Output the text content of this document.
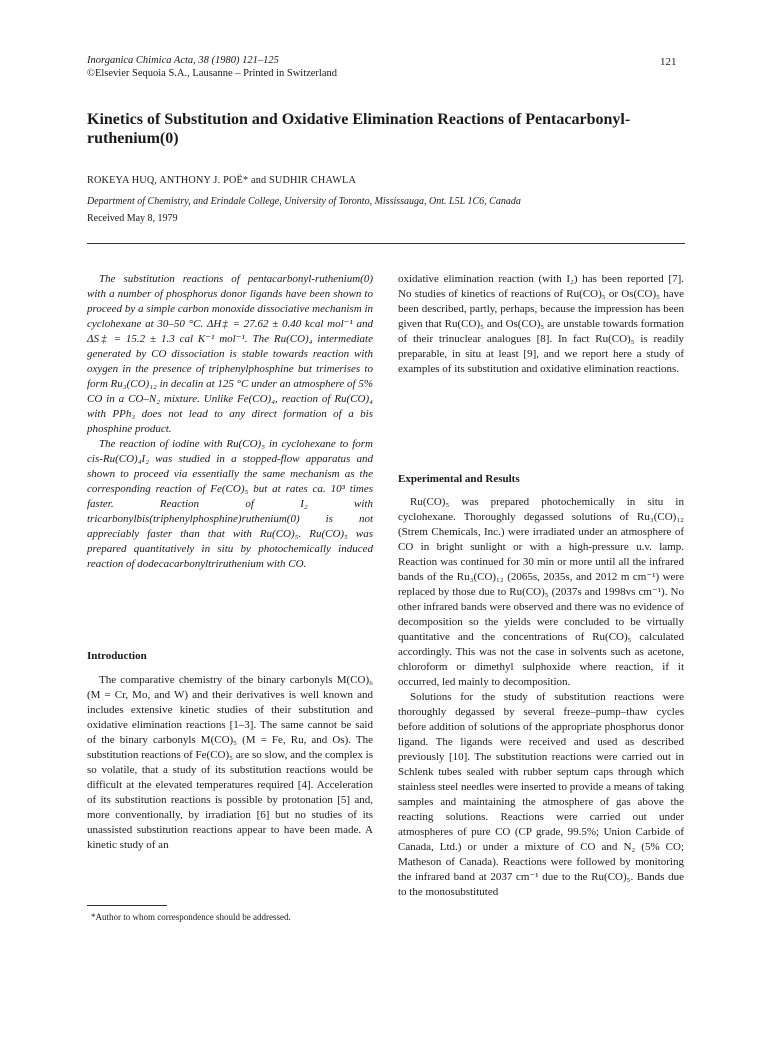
Inorganica Chimica Acta, 38 (1980) 121–125
©Elsevier Sequoia S.A., Lausanne – Printed in Switzerland
121
Kinetics of Substitution and Oxidative Elimination Reactions of Pentacarbonyl-ruthenium(0)
ROKEYA HUQ, ANTHONY J. POË* and SUDHIR CHAWLA
Department of Chemistry, and Erindale College, University of Toronto, Mississauga, Ont. L5L 1C6, Canada
Received May 8, 1979

The substitution reactions of pentacarbonyl-ruthenium(0) with a number of phosphorus donor ligands have been shown to proceed by a simple carbon monoxide dissociative mechanism in cyclohexane at 30–50 °C. ΔH‡ = 27.62 ± 0.40 kcal mol⁻¹ and ΔS‡ = 15.2 ± 1.3 cal K⁻¹ mol⁻¹. The Ru(CO)₄ intermediate generated by CO dissociation is stable towards reaction with oxygen in the presence of triphenylphosphine but trimerises to form Ru₃(CO)₁₂ in decalin at 125 °C under an atmosphere of 5% CO in a CO–N₂ mixture. Unlike Fe(CO)₄, reaction of Ru(CO)₄ with PPh₃ does not lead to any direct formation of a bis phosphine product.

The reaction of iodine with Ru(CO)₅ in cyclohexane to form cis-Ru(CO)₄I₂ was studied in a stopped-flow apparatus and shown to proceed via essentially the same mechanism as the corresponding reaction of Fe(CO)₅ but at rates ca. 10³ times faster. Reaction of I₂ with tricarbonylbis(triphenylphosphine)ruthenium(0) is not appreciably faster than that with Ru(CO)₅. Ru(CO)₅ was prepared quantitatively in situ by photochemically induced reaction of dodecacarbonyltriruthenium with CO.

Introduction

The comparative chemistry of the binary carbonyls M(CO)₆ (M = Cr, Mo, and W) and their derivatives is well known and includes extensive kinetic studies of their substitution and oxidative elimination reactions [1–3]. The same cannot be said of the binary carbonyls M(CO)₅ (M = Fe, Ru, and Os). The substitution reactions of Fe(CO)₅ are so slow, and the complex is so volatile, that a study of its substitution reactions would be difficult at the elevated temperatures required [4]. Acceleration of its substitution reactions is possible by protonation [5] and, more conventionally, by irradiation [6] but no studies of its unassisted substitution reactions appear to have been made. A kinetic study of an

oxidative elimination reaction (with I₂) has been reported [7]. No studies of kinetics of reactions of Ru(CO)₅ or Os(CO)₅ have been described, partly, perhaps, because the impression has been given that Ru(CO)₅ and Os(CO)₅ are unstable towards formation of their trinuclear analogues [8]. In fact Ru(CO)₅ is readily preparable, in situ at least [9], and we report here a study of examples of its substitution and oxidative elimination reactions.

Experimental and Results

Ru(CO)₅ was prepared photochemically in situ in cyclohexane. Thoroughly degassed solutions of Ru₃(CO)₁₂ (Strem Chemicals, Inc.) were irradiated under an atmosphere of CO in bright sunlight or with a high-pressure u.v. lamp. Reaction was continued for 30 min or more until all the infrared bands of the Ru₃(CO)₁₂ (2065s, 2035s, and 2012 m cm⁻¹) were replaced by those due to Ru(CO)₅ (2037s and 1998vs cm⁻¹). No other infrared bands were observed and there was no evidence of decomposition so the yields were concluded to be virtually quantitative and the concentrations of Ru(CO)₅ calculated accordingly. This was not the case in solvents such as acetone, chloroform or dimethyl sulphoxide where reaction, if it occurred, led mainly to decomposition.

Solutions for the study of substitution reactions were thoroughly degassed by several freeze–pump–thaw cycles before addition of solutions of the appropriate phosphorus donor ligand. The ligands were received and used as described previously [10]. The substitution reactions were carried out in Schlenk tubes sealed with rubber septum caps through which stainless steel needles were inserted to provide a means of taking samples and maintaining the atmosphere of gas above the reacting solutions. Reactions were carried out under atmospheres of pure CO (CP grade, 99.5%; Union Carbide of Canada, Ltd.) or under a mixture of CO and N₂ (5% CO; Matheson of Canada). Reactions were followed by monitoring the infrared band at 2037 cm⁻¹ due to the Ru(CO)₅. Bands due to the monosubstituted

*Author to whom correspondence should be addressed.
